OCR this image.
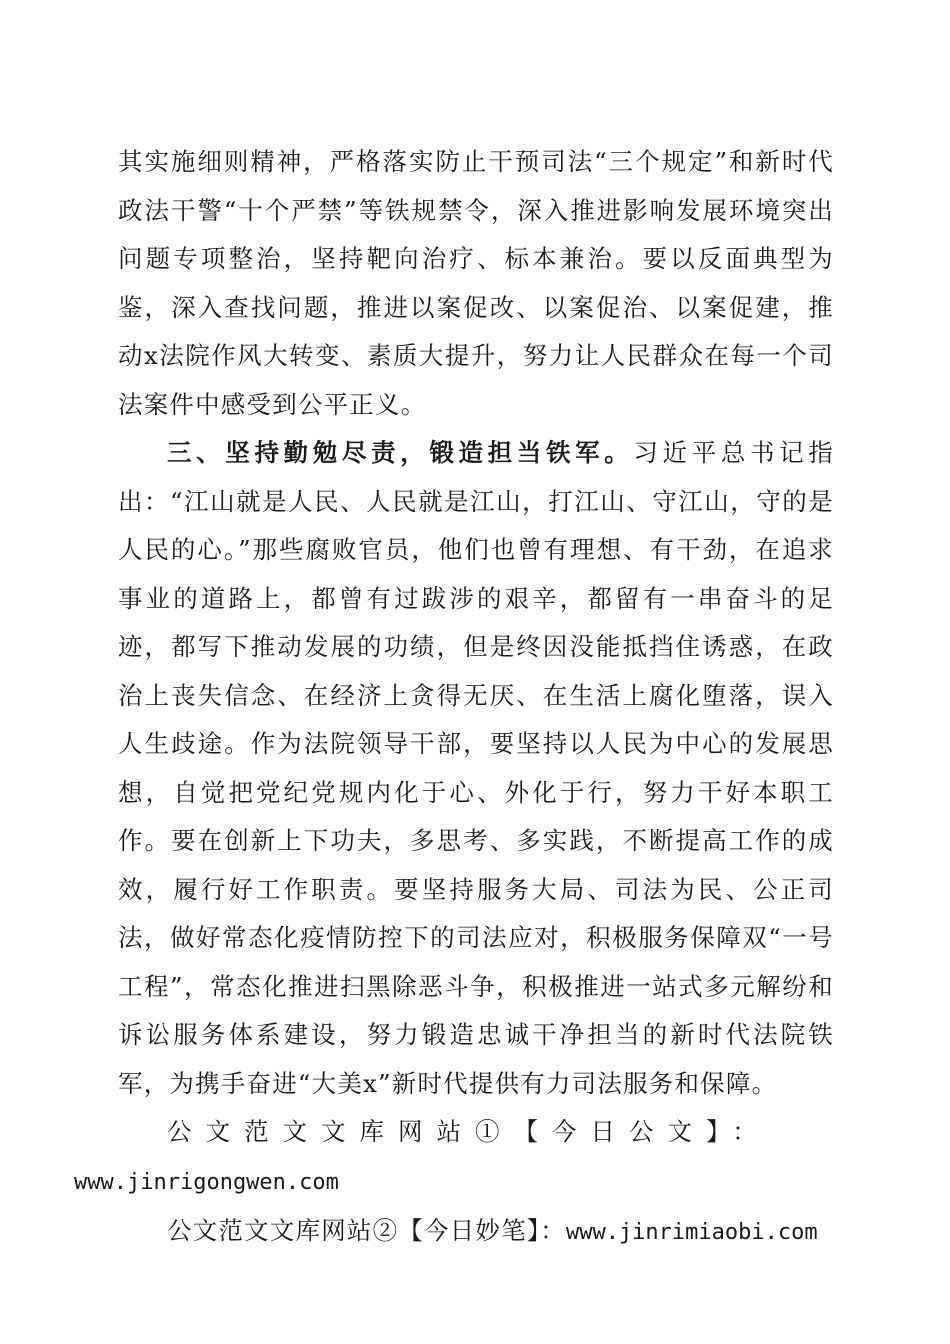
其实施细则精神，严格落实防止干预司法“三个规定”和新时代政法干警“十个严禁”等铁规禁令，深入推进影响发展环境突出问题专项整治，坚持靶向治疗、标本兼治。要以反面典型为鉴，深入查找问题，推进以案促改、以案促治、以案促建，推动x法院作风大转变、素质大提升，努力让人民群众在每一个司法案件中感受到公平正义。

三、坚持勤勉尽责，锻造担当铁军。习近平总书记指出：“江山就是人民、人民就是江山，打江山、守江山，守的是人民的心。”那些腐败官员，他们也曾有理想、有干劲，在追求事业的道路上，都曾有过跋涉的艰辛，都留有一串奋斗的足迹，都写下推动发展的功绩，但是终因没能抵挡住诱惑，在政治上丧失信念、在经济上贪得无厌、在生活上腐化堕落，误入人生歧途。作为法院领导干部，要坚持以人民为中心的发展思想，自觉把党纪党规内化于心、外化于行，努力干好本职工作。要在创新上下功夫，多思考、多实践，不断提高工作的成效，履行好工作职责。要坚持服务大局、司法为民、公正司法，做好常态化疫情防控下的司法应对，积极服务保障双“一号工程”，常态化推进扫黑除恶斗争，积极推进一站式多元解纷和诉讼服务体系建设，努力锻造忠诚干净担当的新时代法院铁军，为携手奋进“大美x”新时代提供有力司法服务和保障。

公文范文文库网站①【今日公文】：
www.jinrigongwen.com

公文范文文库网站②【今日妙笔】：www.jinrimiaobi.com
